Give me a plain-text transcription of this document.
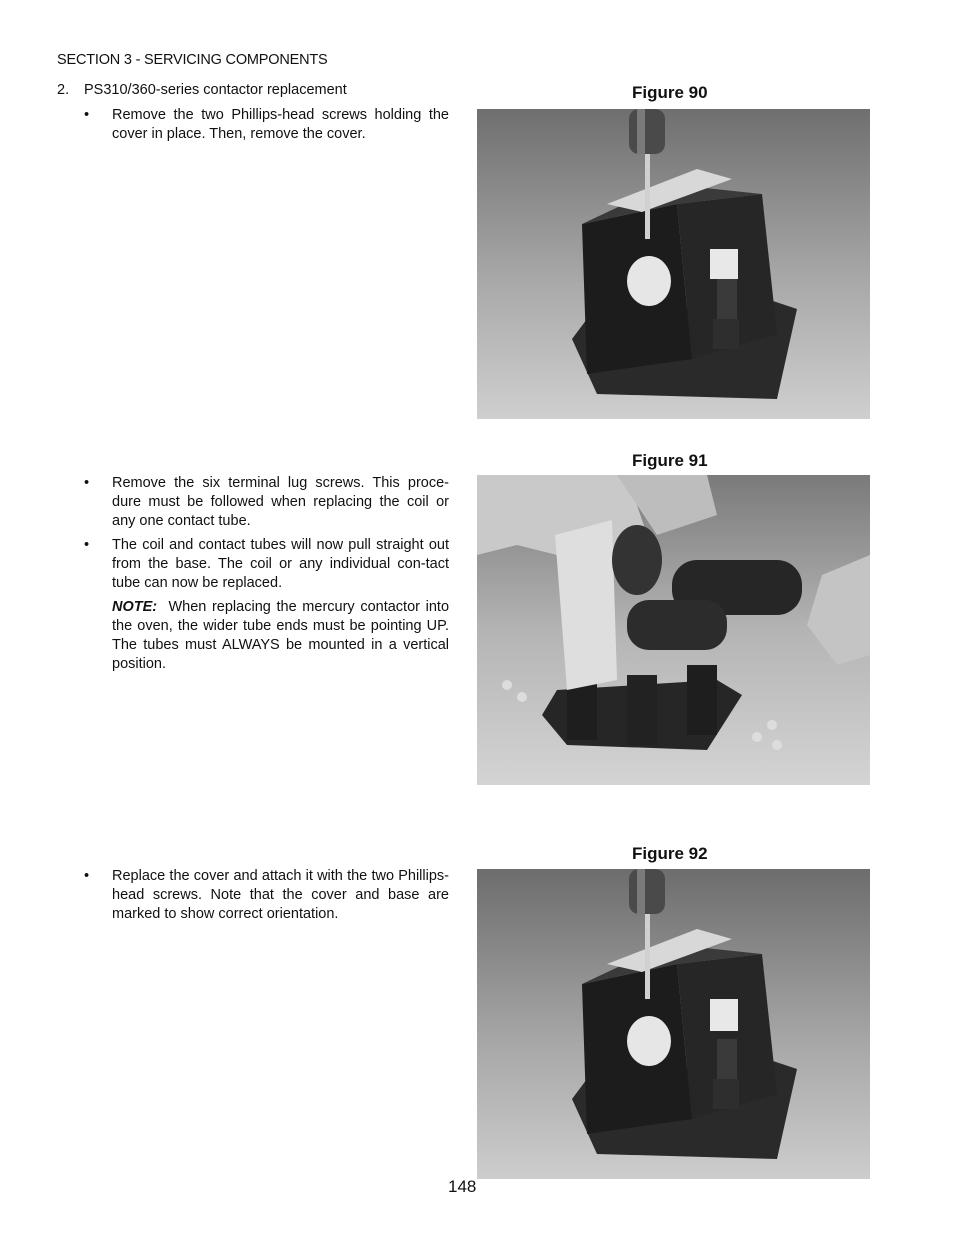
SECTION 3 - SERVICING COMPONENTS
2. PS310/360-series contactor replacement
• Remove the two Phillips-head screws holding the cover in place. Then, remove the cover.
Figure 90
Figure 91
• Remove the six terminal lug screws. This proce-dure must be followed when replacing the coil or any one contact tube.
• The coil and contact tubes will now pull straight out from the base. The coil or any individual con-tact tube can now be replaced.
NOTE: When replacing the mercury contactor into the oven, the wider tube ends must be pointing UP. The tubes must ALWAYS be mounted in a vertical position.
Figure 92
• Replace the cover and attach it with the two Phillips-head screws. Note that the cover and base are marked to show correct orientation.
148
